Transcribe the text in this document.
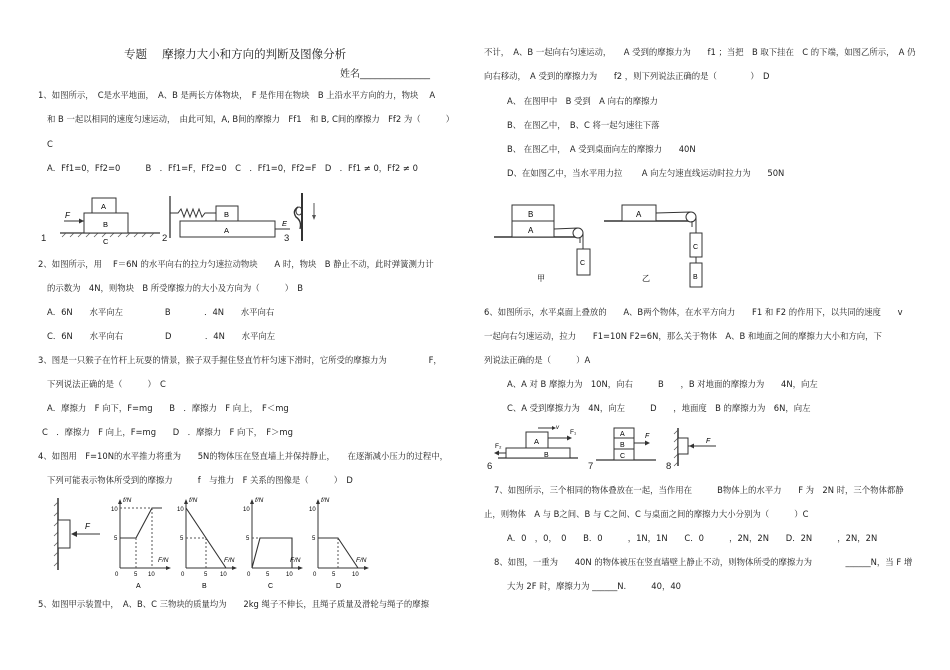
专题　 摩擦力大小和方向的判断及图像分析
姓名______________
1、如图所示，　C是水平地面，　A、B 是两长方体物块，　F 是作用在物块　B 上沿水平方向的力，物块　 A
和 B 一起以相同的速度匀速运动，　由此可知，A, B间的摩擦力　Ff1　和 B, C间的摩擦力　Ff2 为（　　　）
C
A．Ff1=0，Ff2=0　　　B　．Ff1=F，Ff2=0　C　．Ff1=0，Ff2=F　D　．Ff1 ≠ 0，Ff2 ≠ 0
F
A
B
C
B
A
E
1	2	3
2、如图所示，用　 F＝6N 的水平向右的拉力匀速拉动物块　　A 时，物块　B 静止不动，此时弹簧测力计
的示数为　4N，则物块　B 所受摩擦力的大小及方向为（　　　）　B
A．6N　　水平向左　　　　　B　　　　．4N　　水平向右
C．6N　　水平向右　　　　　D　　　　．4N　　水平向左
3、图是一只猴子在竹杆上玩耍的情景，猴子双手握住竖直竹杆匀速下滑时，它所受的摩擦力为　　　　　F，
下列说法正确的是（　　　）　C
A．摩擦力　F 向下，F=mg　　B　．摩擦力　F 向上，　F＜mg
C　．摩擦力　F 向上，F=mg　　D　．摩擦力　F 向下，　F＞mg
4、如图用　F=10N的水平推力将重为　　5N的物体压在竖直墙上并保持静止，　　在逐渐减小压力的过程中，
下列可能表示物体所受到的摩擦力　　　f　与推力　F 关系的图像是（　　　）　D
F
f/N
F/N
10
5
0	5 10
A
f/N
F/N
10
5
0	5 10
B
f/N
F/N
10
5
0	5	10
C
f/N
F/N
10
5
0	5	10
D
5、如图甲示装置中，　A、B、C 三物块的质量均为　　2kg 绳子不伸长，且绳子质量及滑轮与绳子的摩擦
不计，　A、B 一起向右匀速运动，　　A 受到的摩擦力为　　f1 ；当把　B 取下挂在　C 的下端，如图乙所示，　A 仍
向右移动，　A 受到的摩擦力为　　f2 ，则下列说法正确的是（　　　　）　D
A、 在图甲中　B 受到　A 向右的摩擦力
B、 在图乙中，　B、C 将一起匀速往下落
B、 在图乙中，　A 受到桌面向左的摩擦力　　40N
D、在如图乙中，当水平用力拉　　 A 向左匀速直线运动时拉力为　　50N
B
A
C
甲
A
C
B
乙
6、如图所示，水平桌面上叠放的　　A、B两个物体，在水平方向力　　F1 和 F2 的作用下，以共同的速度　　v
一起向右匀速运动，拉力　　F1=10N F2=6N，那么关于物体　A、B 和地面之间的摩擦力大小和方向，下
列说法正确的是（　　　）A
A、A 对 B 摩擦力为　10N，向右　　　B　　，B 对地面的摩擦力为　　4N，向左
C、A 受到摩擦力为　4N，向左　　　D　　，地面度　B 的摩擦力为　6N，向左
A
B
F₁
F₂
v
A
B
C
F
F
6	7	8
7、如图所示，三个相同的物体叠放在一起，当作用在　　　B物体上的水平力　　F 为　2N 时，三个物体都静
止，则物体　A 与 B之间、B 与 C之间、C 与桌面之间的摩擦力大小分别为（　　　）C
A．0　，0，　0　　B．0　　　，1N，1N　　C．0　　　，2N，2N　　D．2N　　　，2N，2N
8、如图，一重为　　40N 的物体被压在竖直墙壁上静止不动，则物体所受的摩擦力为　　　　______N，当 F 增
大为 2F 时，摩擦力为 ______N.　　　40，40
